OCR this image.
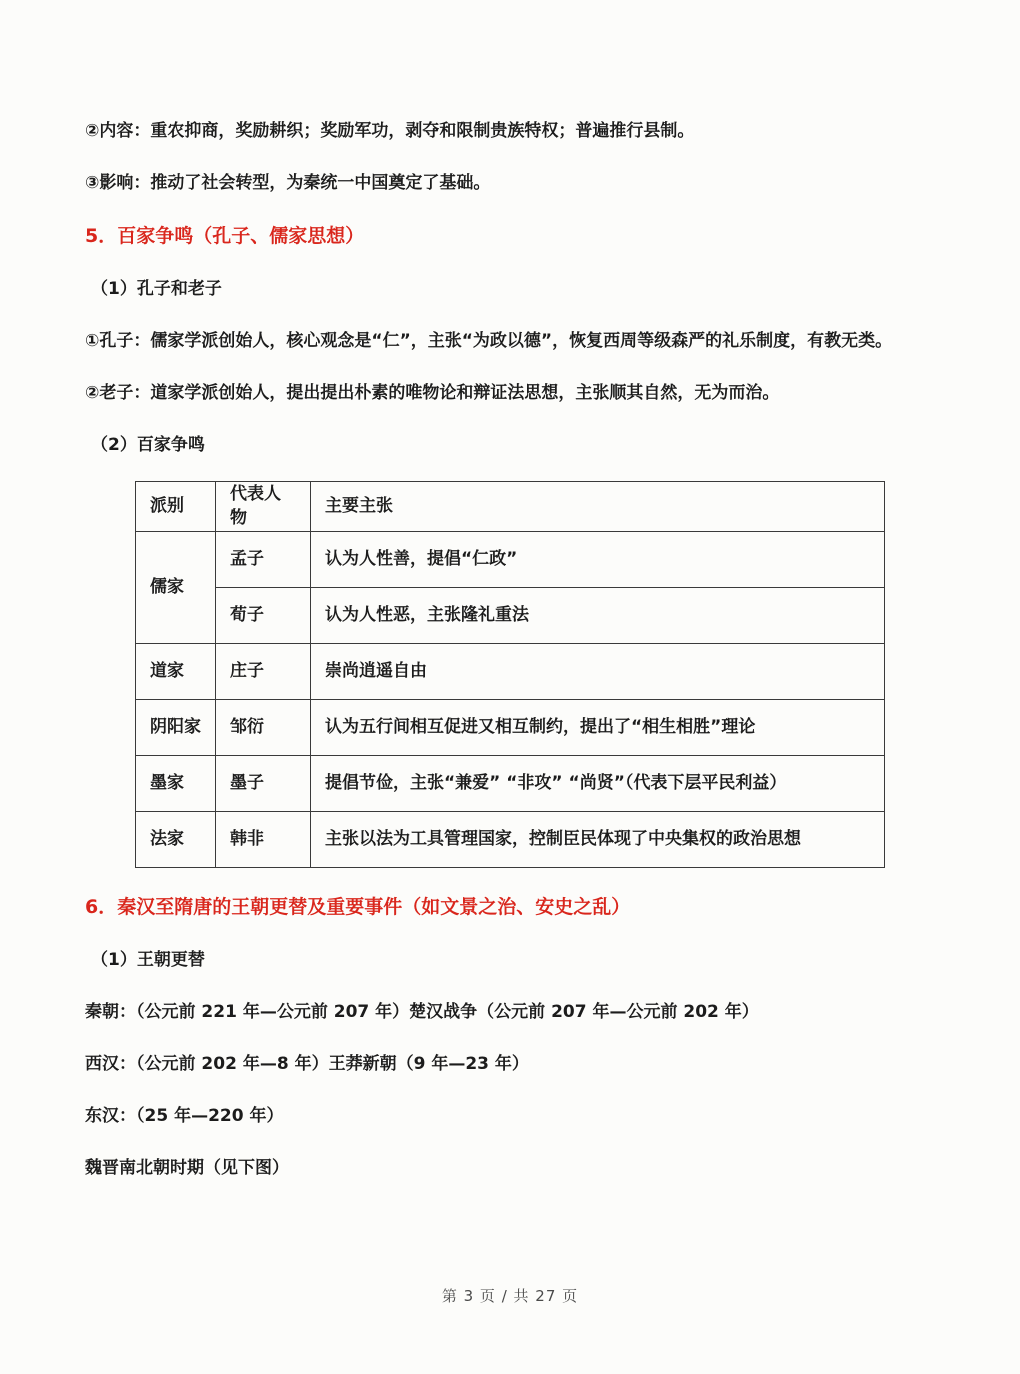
②内容：重农抑商，奖励耕织；奖励军功，剥夺和限制贵族特权；普遍推行县制。

③影响：推动了社会转型，为秦统一中国奠定了基础。

5．百家争鸣（孔子、儒家思想）

（1）孔子和老子

①孔子：儒家学派创始人，核心观念是“仁”，主张“为政以德”，恢复西周等级森严的礼乐制度，有教无类。

②老子：道家学派创始人，提出提出朴素的唯物论和辩证法思想，主张顺其自然，无为而治。

（2）百家争鸣

派别	代表人物	主要主张
儒家	孟子	认为人性善，提倡“仁政”
	荀子	认为人性恶，主张隆礼重法
道家	庄子	崇尚逍遥自由
阴阳家	邹衍	认为五行间相互促进又相互制约，提出了“相生相胜”理论
墨家	墨子	提倡节俭，主张“兼爱” “非攻” “尚贤”（代表下层平民利益）
法家	韩非	主张以法为工具管理国家，控制臣民体现了中央集权的政治思想
6．秦汉至隋唐的王朝更替及重要事件（如文景之治、安史之乱）

（1）王朝更替

秦朝：（公元前 221 年—公元前 207 年）楚汉战争（公元前 207 年—公元前 202 年）

西汉：（公元前 202 年—8 年）王莽新朝（9 年—23 年）

东汉：（25 年—220 年）

魏晋南北朝时期（见下图）

第 3 页 / 共 27 页
